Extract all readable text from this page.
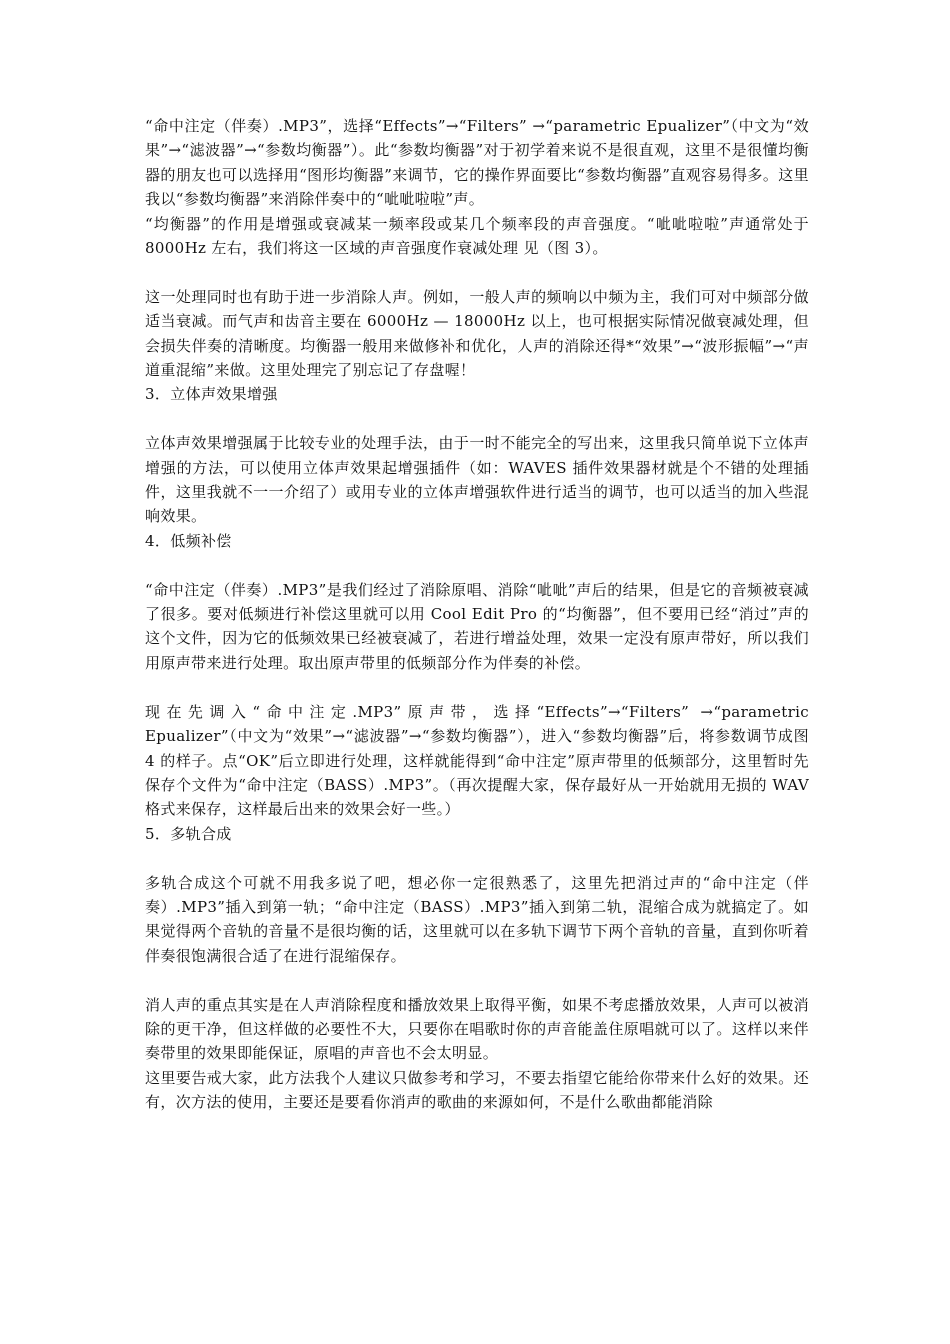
“命中注定（伴奏）.MP3”，选择“Effects”→“Filters” →“parametric Epualizer”（中文为“效果”→“滤波器”→“参数均衡器”）。此“参数均衡器”对于初学着来说不是很直观，这里不是很懂均衡器的朋友也可以选择用“图形均衡器”来调节，它的操作界面要比“参数均衡器”直观容易得多。这里我以“参数均衡器”来消除伴奏中的“呲呲啦啦”声。

“均衡器”的作用是增强或衰减某一频率段或某几个频率段的声音强度。“呲呲啦啦”声通常处于 8000Hz 左右，我们将这一区域的声音强度作衰减处理 见（图 3）。

这一处理同时也有助于进一步消除人声。例如，一般人声的频响以中频为主，我们可对中频部分做适当衰减。而气声和齿音主要在 6000Hz — 18000Hz 以上，也可根据实际情况做衰减处理，但会损失伴奏的清晰度。均衡器一般用来做修补和优化，人声的消除还得*“效果”→“波形振幅”→“声道重混缩”来做。这里处理完了别忘记了存盘喔！

3．立体声效果增强

立体声效果增强属于比较专业的处理手法，由于一时不能完全的写出来，这里我只简单说下立体声增强的方法，可以使用立体声效果起增强插件（如：WAVES 插件效果器材就是个不错的处理插件，这里我就不一一介绍了）或用专业的立体声增强软件进行适当的调节，也可以适当的加入些混响效果。

4．低频补偿

“命中注定（伴奏）.MP3”是我们经过了消除原唱、消除“呲呲”声后的结果，但是它的音频被衰减了很多。要对低频进行补偿这里就可以用 Cool Edit Pro 的“均衡器”，但不要用已经“消过”声的这个文件，因为它的低频效果已经被衰减了，若进行增益处理，效果一定没有原声带好，所以我们用原声带来进行处理。取出原声带里的低频部分作为伴奏的补偿。

现在先调入“命中注定.MP3”原声带，选择“Effects”→“Filters” →“parametric Epualizer”（中文为“效果”→“滤波器”→“参数均衡器”），进入“参数均衡器”后，将参数调节成图 4 的样子。点“OK”后立即进行处理，这样就能得到“命中注定”原声带里的低频部分，这里暂时先保存个文件为“命中注定（BASS）.MP3”。（再次提醒大家，保存最好从一开始就用无损的 WAV 格式来保存，这样最后出来的效果会好一些。）

5．多轨合成

多轨合成这个可就不用我多说了吧，想必你一定很熟悉了，这里先把消过声的“命中注定（伴奏）.MP3”插入到第一轨；“命中注定（BASS）.MP3”插入到第二轨，混缩合成为就搞定了。如果觉得两个音轨的音量不是很均衡的话，这里就可以在多轨下调节下两个音轨的音量，直到你听着伴奏很饱满很合适了在进行混缩保存。

消人声的重点其实是在人声消除程度和播放效果上取得平衡，如果不考虑播放效果，人声可以被消除的更干净，但这样做的必要性不大，只要你在唱歌时你的声音能盖住原唱就可以了。这样以来伴奏带里的效果即能保证，原唱的声音也不会太明显。

这里要告戒大家，此方法我个人建议只做参考和学习，不要去指望它能给你带来什么好的效果。还有，次方法的使用，主要还是要看你消声的歌曲的来源如何，不是什么歌曲都能消除
